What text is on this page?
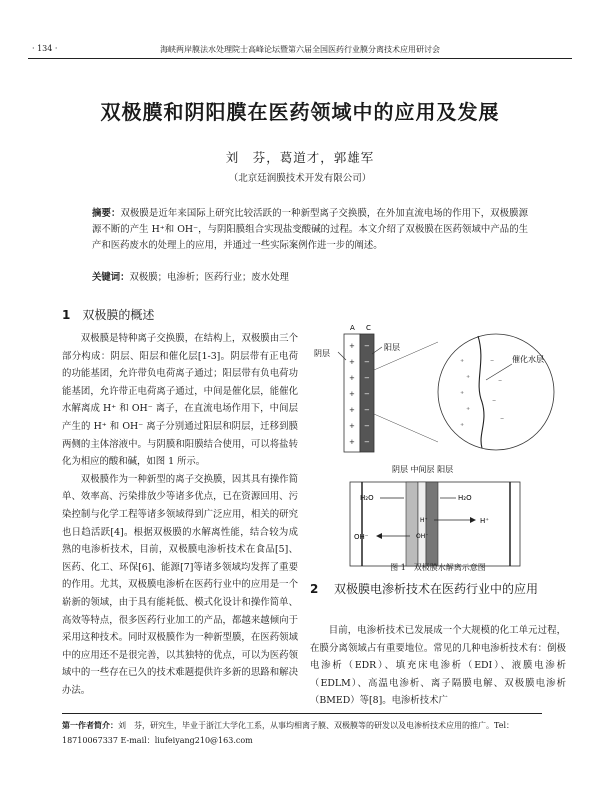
· 134 ·	海峡两岸膜法水处理院士高峰论坛暨第六届全国医药行业膜分离技术应用研讨会
双极膜和阴阳膜在医药领域中的应用及发展
刘　芬，葛道才，郭雄军
（北京廷润膜技术开发有限公司）
摘要：双极膜是近年来国际上研究比较活跃的一种新型离子交换膜，在外加直流电场的作用下，双极膜源源不断的产生 H⁺和 OH⁻，与阴阳膜组合实现盐变酸碱的过程。本文介绍了双极膜在医药领域中产品的生产和医药废水的处理上的应用，并通过一些实际案例作进一步的阐述。
关键词：双极膜；电渗析；医药行业；废水处理
1 双极膜的概述

双极膜是特种离子交换膜，在结构上，双极膜由三个部分构成：阴层、阳层和催化层[1-3]。阴层带有正电荷的功能基团，允许带负电荷离子通过；阳层带有负电荷功能基团，允许带正电荷离子通过，中间是催化层，能催化水解离成 H⁺ 和 OH⁻ 离子，在直流电场作用下，中间层产生的 H⁺ 和 OH⁻ 离子分别通过阳层和阴层，迁移到膜两侧的主体溶液中。与阴膜和阳膜结合使用，可以将盐转化为相应的酸和碱，如图 1 所示。

双极膜作为一种新型的离子交换膜，因其具有操作简单、效率高、污染排放少等诸多优点，已在资源回用、污染控制与化学工程等诸多领域得到广泛应用，相关的研究也日趋活跃[4]。根据双极膜的水解离性能，结合较为成熟的电渗析技术，目前，双极膜电渗析技术在食品[5]、医药、化工、环保[6]、能源[7]等诸多领域均发挥了重要的作用。尤其，双极膜电渗析在医药行业中的应用是一个崭新的领域，由于具有能耗低、模式化设计和操作简单、高效等特点，很多医药行业加工的产品，都越来越倾向于采用这种技术。同时双极膜作为一种新型膜，在医药领域中的应用还不是很完善，以其独特的优点，可以为医药领域中的一些存在已久的技术难题提供许多新的思路和解决办法。

A C
+
+
+
+
+
+
+
−
−
−
−
−
−
−
阴层
阳层
+
+
+
+
+
−
−
−
−
催化水层
阴层 中间层 阳层
H₂O	H₂O
H⁺
OH⁻
H⁺
OH⁻
图 1　双极膜水解离示意图
2 双极膜电渗析技术在医药行业中的应用

目前，电渗析技术已发展成一个大规模的化工单元过程，在膜分离领域占有重要地位。常见的几种电渗析技术有：倒极电渗析（EDR）、填充床电渗析（EDI）、液膜电渗析（EDLM）、高温电渗析、离子隔膜电解、双极膜电渗析（BMED）等[8]。电渗析技术广

第一作者简介：刘　芬，研究生，毕业于浙江大学化工系，从事均相离子膜、双极膜等的研发以及电渗析技术应用的推广。Tel：18710067337 E-mail：liufeiyang210@163.com
